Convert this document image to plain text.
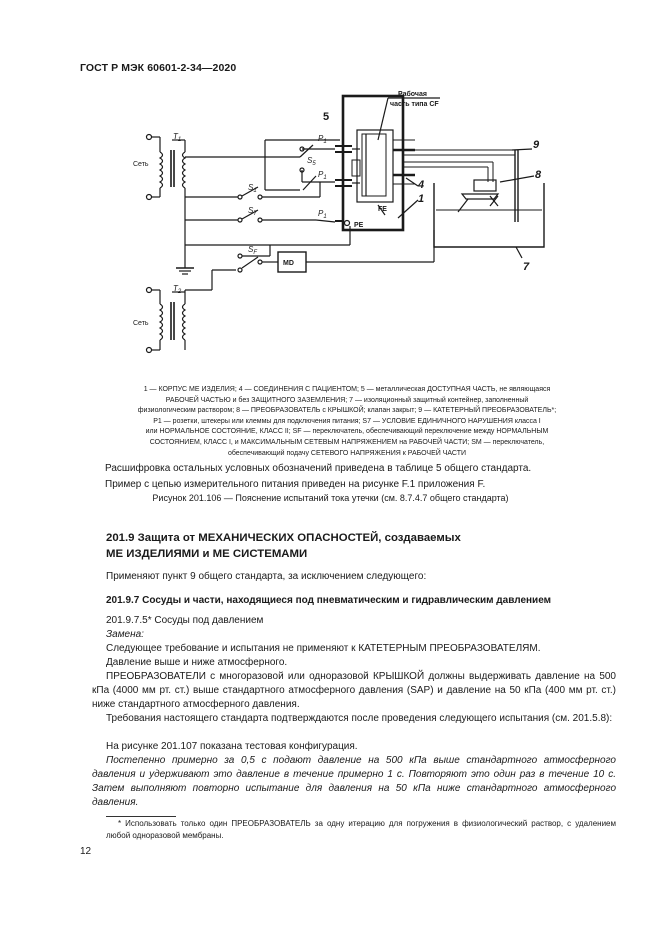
ГОСТ Р МЭК 60601-2-34—2020
$T_1$
Сеть
$T_2$
Сеть
$S_5$
$S_1$
$S_7$
$S_F$
$P_1$
$P_1$
$P_1$
PE
FE
MD
Рабочая
часть типа CF
5
9
8
4
1
7
1 — КОРПУС МЕ ИЗДЕЛИЯ; 4 — СОЕДИНЕНИЯ С ПАЦИЕНТОМ; 5 — металлическая ДОСТУПНАЯ ЧАСТЬ, не являющаяся
РАБОЧЕЙ ЧАСТЬЮ и без ЗАЩИТНОГО ЗАЗЕМЛЕНИЯ; 7 — изоляционный защитный контейнер, заполненный
физиологическим раствором; 8 — ПРЕОБРАЗОВАТЕЛЬ с КРЫШКОЙ; клапан закрыт; 9 — КАТЕТЕРНЫЙ ПРЕОБРАЗОВАТЕЛЬ*;
P1 — розетки, штекеры или клеммы для подключения питания; S7 — УСЛОВИЕ ЕДИНИЧНОГО НАРУШЕНИЯ класса I
или НОРМАЛЬНОЕ СОСТОЯНИЕ, КЛАСС II; SF — переключатель, обеспечивающий переключение между НОРМАЛЬНЫМ
СОСТОЯНИЕМ, КЛАСС I, и МАКСИМАЛЬНЫМ СЕТЕВЫМ НАПРЯЖЕНИЕМ на РАБОЧЕЙ ЧАСТИ; SM — переключатель,
обеспечивающий подачу СЕТЕВОГО НАПРЯЖЕНИЯ к РАБОЧЕЙ ЧАСТИ
Расшифровка остальных условных обозначений приведена в таблице 5 общего стандарта.
Пример с цепью измерительного питания приведен на рисунке F.1 приложения F.
Рисунок 201.106 — Пояснение испытаний тока утечки (см. 8.7.4.7 общего стандарта)
201.9 Защита от МЕХАНИЧЕСКИХ ОПАСНОСТЕЙ, создаваемых
МЕ ИЗДЕЛИЯМИ и МЕ СИСТЕМАМИ
Применяют пункт 9 общего стандарта, за исключением следующего:
201.9.7 Сосуды и части, находящиеся под пневматическим и гидравлическим давлением
201.9.7.5* Сосуды под давлением
Замена:
Следующее требование и испытания не применяют к КАТЕТЕРНЫМ ПРЕОБРАЗОВАТЕЛЯМ.
Давление выше и ниже атмосферного.
ПРЕОБРАЗОВАТЕЛИ с многоразовой или одноразовой КРЫШКОЙ должны выдерживать давление на 500 кПа (4000 мм рт. ст.) выше стандартного атмосферного давления (SAP) и давление на 50 кПа (400 мм рт. ст.) ниже стандартного атмосферного давления.
Требования настоящего стандарта подтверждаются после проведения следующего испытания (см. 201.5.8):
На рисунке 201.107 показана тестовая конфигурация.
Постепенно примерно за 0,5 с подают давление на 500 кПа выше стандартного атмосферного давления и удерживают это давление в течение примерно 1 с. Повторяют это один раз в течение 10 с. Затем выполняют повторно испытание для давления на 50 кПа ниже стандартного атмосферного давления.
* Использовать только один ПРЕОБРАЗОВАТЕЛЬ за одну итерацию для погружения в физиологический раствор, с удалением любой одноразовой мембраны.
12
